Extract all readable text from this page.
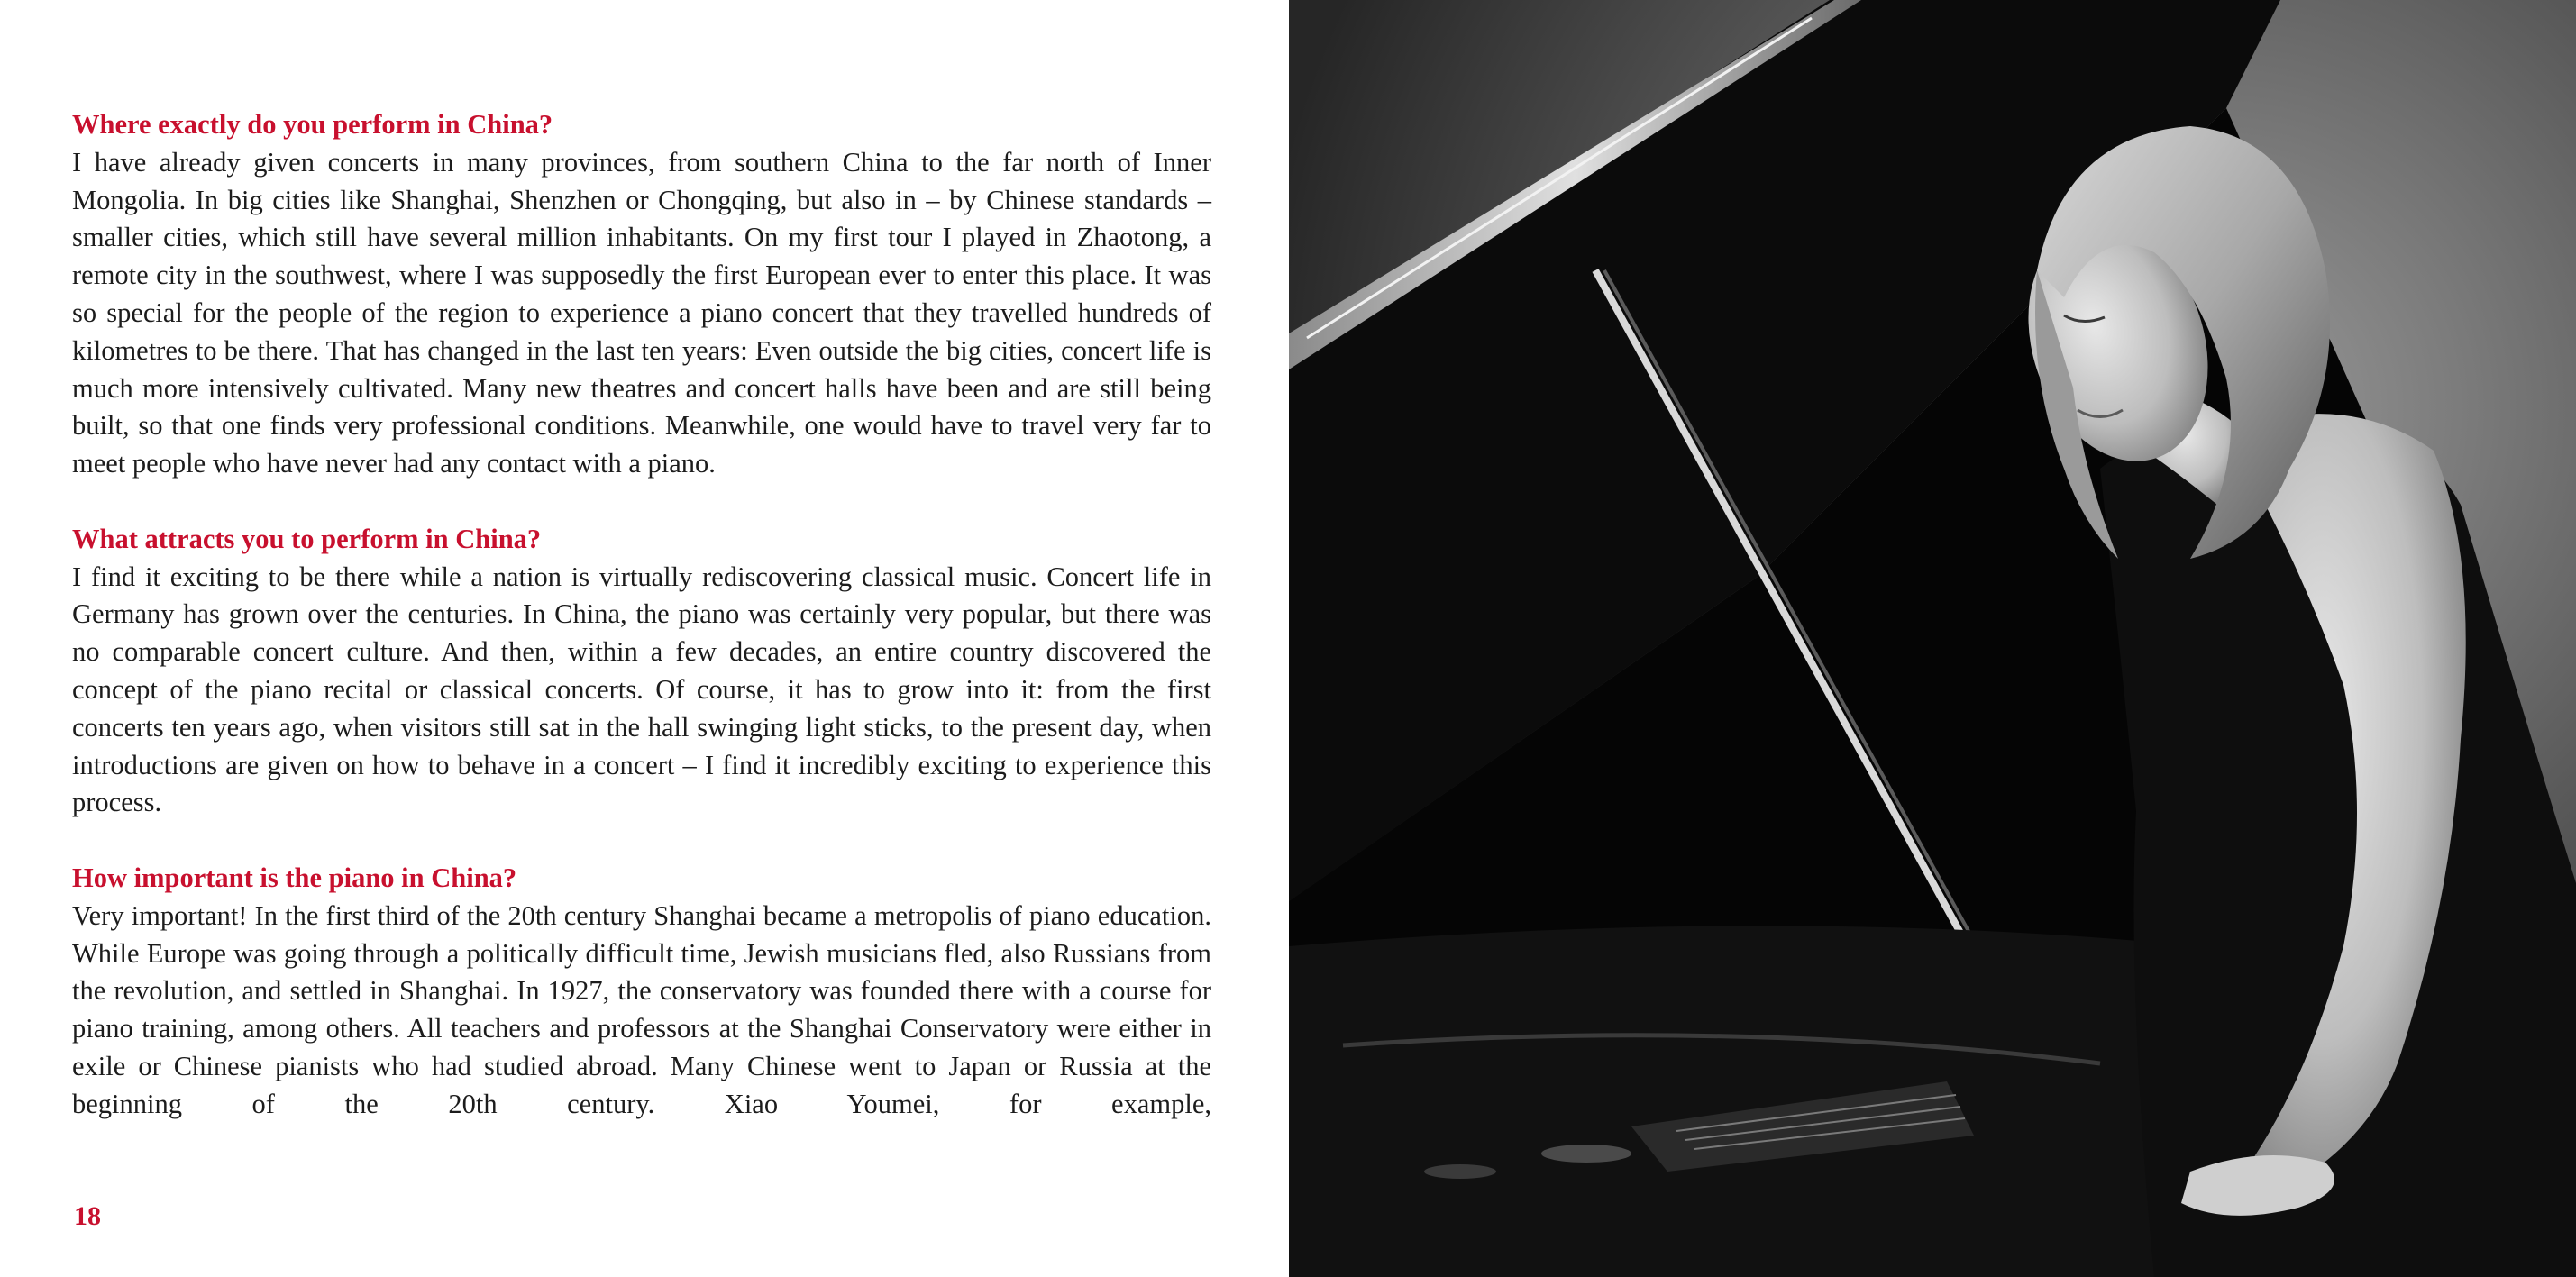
Where exactly do you perform in China?

I have already given concerts in many provinces, from southern China to the far north of Inner Mongolia. In big cities like Shanghai, Shenzhen or Chongqing, but also in – by Chinese standards – smaller cities, which still have several million inhabitants. On my first tour I played in Zhaotong, a remote city in the southwest, where I was supposedly the first European ever to enter this place. It was so special for the people of the region to experience a piano concert that they travelled hundreds of kilometres to be there. That has changed in the last ten years: Even outside the big cities, concert life is much more intensively cultivated. Many new theatres and concert halls have been and are still being built, so that one finds very professional conditions. Meanwhile, one would have to travel very far to meet people who have never had any contact with a piano.

What attracts you to perform in China?

I find it exciting to be there while a nation is virtually rediscovering classical music. Concert life in Germany has grown over the centuries. In China, the piano was certainly very popular, but there was no comparable concert culture. And then, within a few decades, an entire country discovered the concept of the piano recital or classical concerts. Of course, it has to grow into it: from the first concerts ten years ago, when visitors still sat in the hall swinging light sticks, to the present day, when introductions are given on how to behave in a concert – I find it incredibly exciting to experience this process.

How important is the piano in China?

Very important! In the first third of the 20th century Shanghai became a metropolis of piano education. While Europe was going through a politically difficult time, Jewish musicians fled, also Russians from the revolution, and settled in Shanghai. In 1927, the conservatory was founded there with a course for piano training, among others. All teachers and professors at the Shanghai Conservatory were either in exile or Chinese pianists who had studied abroad. Many Chinese went to Japan or Russia at the beginning of the 20th century. Xiao Youmei, for example,

18
